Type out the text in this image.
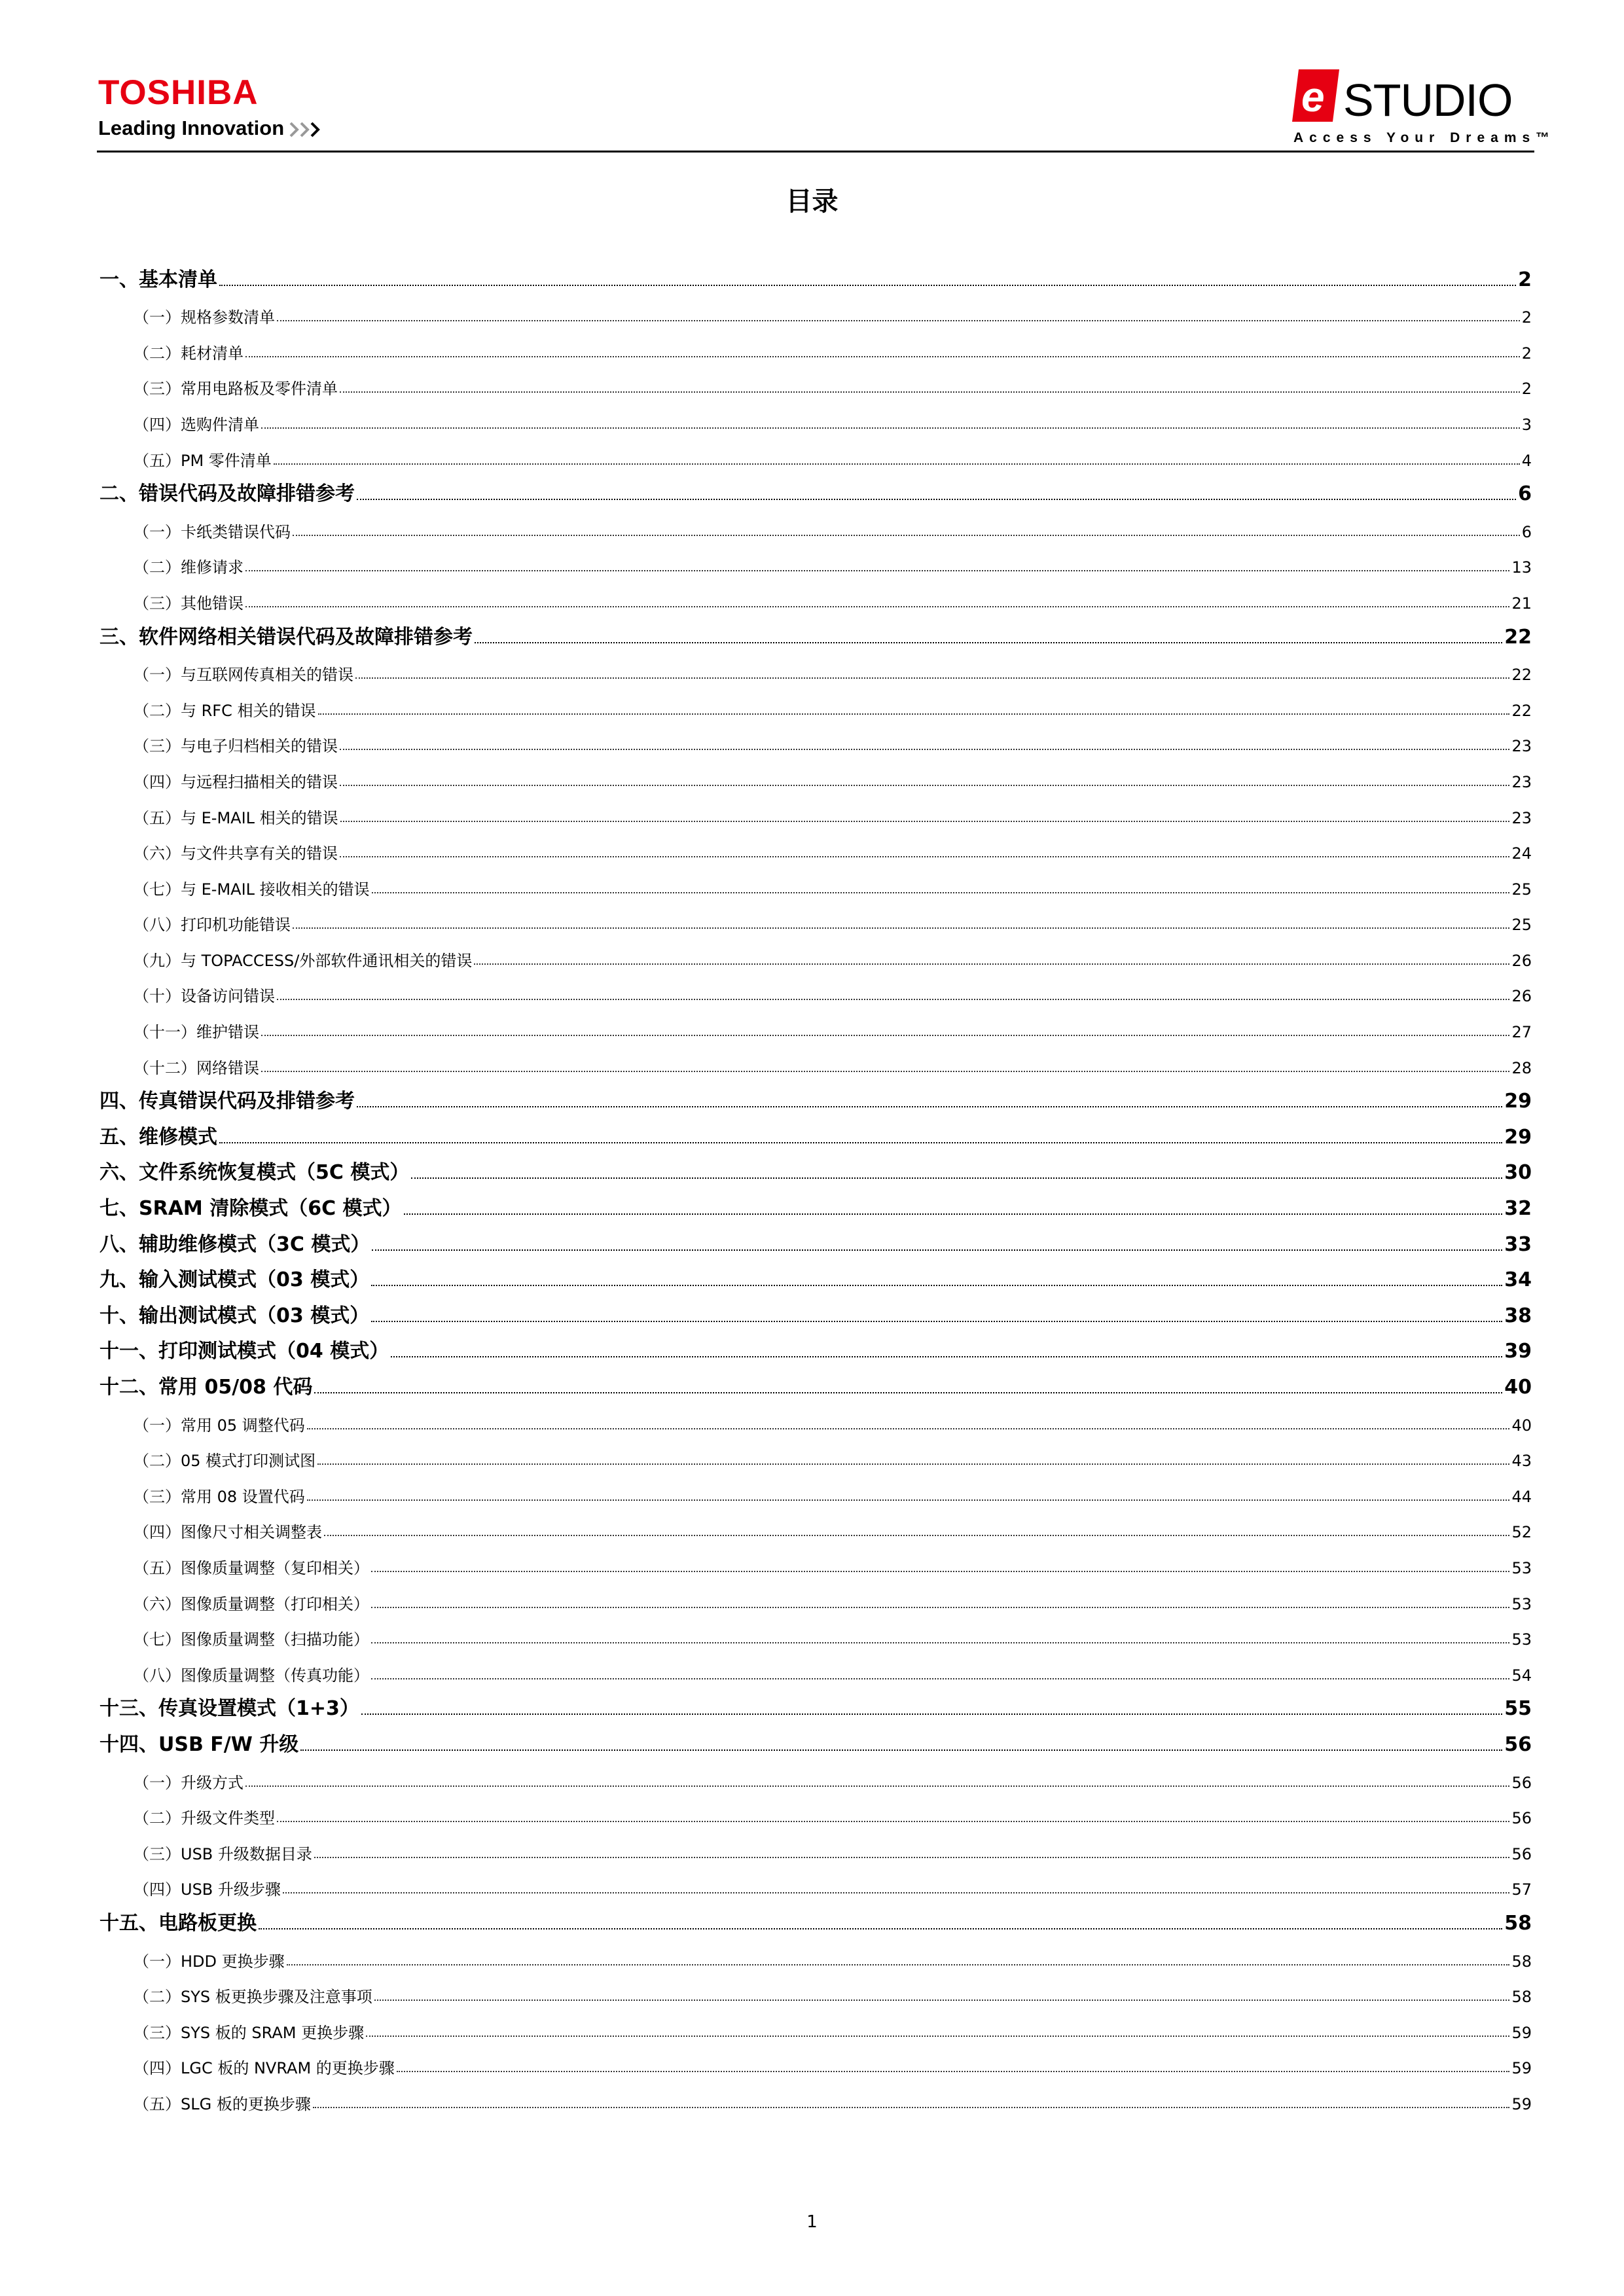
TOSHIBA
Leading Innovation
e STUDIO
Access Your Dreams™
目录
一、基本清单	2
（一）规格参数清单	2
（二）耗材清单	2
（三）常用电路板及零件清单	2
（四）选购件清单	3
（五）PM 零件清单	4
二、错误代码及故障排错参考	6
（一）卡纸类错误代码	6
（二）维修请求	13
（三）其他错误	21
三、软件网络相关错误代码及故障排错参考	22
（一）与互联网传真相关的错误	22
（二）与 RFC 相关的错误	22
（三）与电子归档相关的错误	23
（四）与远程扫描相关的错误	23
（五）与 E-MAIL 相关的错误	23
（六）与文件共享有关的错误	24
（七）与 E-MAIL 接收相关的错误	25
（八）打印机功能错误	25
（九）与 TOPACCESS/外部软件通讯相关的错误	26
（十）设备访问错误	26
（十一）维护错误	27
（十二）网络错误	28
四、传真错误代码及排错参考	29
五、维修模式	29
六、文件系统恢复模式（5C 模式）	30
七、SRAM 清除模式（6C 模式）	32
八、辅助维修模式（3C 模式）	33
九、输入测试模式（03 模式）	34
十、输出测试模式（03 模式）	38
十一、打印测试模式（04 模式）	39
十二、常用 05/08 代码	40
（一）常用 05 调整代码	40
（二）05 模式打印测试图	43
（三）常用 08 设置代码	44
（四）图像尺寸相关调整表	52
（五）图像质量调整（复印相关）	53
（六）图像质量调整（打印相关）	53
（七）图像质量调整（扫描功能）	53
（八）图像质量调整（传真功能）	54
十三、传真设置模式（1+3）	55
十四、USB F/W 升级	56
（一）升级方式	56
（二）升级文件类型	56
（三）USB 升级数据目录	56
（四）USB 升级步骤	57
十五、电路板更换	58
（一）HDD 更换步骤	58
（二）SYS 板更换步骤及注意事项	58
（三）SYS 板的 SRAM 更换步骤	59
（四）LGC 板的 NVRAM 的更换步骤	59
（五）SLG 板的更换步骤	59
1
